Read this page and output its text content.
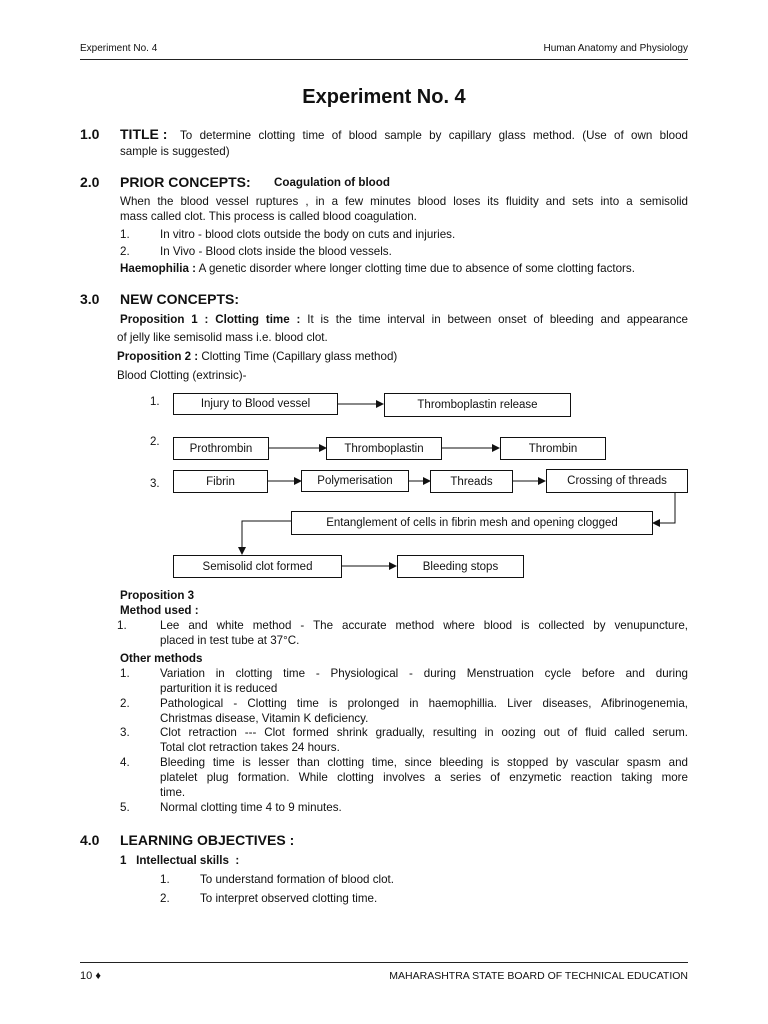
Experiment No. 4	Human Anatomy and Physiology
Experiment No. 4
1.0 TITLE : To determine clotting time of blood sample by capillary glass method. (Use of own blood
sample is suggested)
2.0 PRIOR CONCEPTS: Coagulation of blood
When the blood vessel ruptures , in a few minutes blood loses its fluidity and sets into a semisolid
mass called clot. This process is called blood coagulation.
1.	In vitro - blood clots outside the body on cuts and injuries.
2.	In Vivo - Blood clots inside the blood vessels.
Haemophilia : A genetic disorder where longer clotting time due to absence of some clotting factors.
3.0 NEW CONCEPTS:
Proposition 1 : Clotting time : It is the time interval in between onset of bleeding and appearance
of jelly like semisolid mass i.e. blood clot.
Proposition 2 : Clotting Time (Capillary glass method)
Blood Clotting (extrinsic)-
1.
2.
3.
Injury to Blood vessel	Thromboplastin release
Prothrombin	Thromboplastin	Thrombin
Fibrin	Polymerisation	Threads	Crossing of threads
Entanglement of cells in fibrin mesh and opening clogged
Semisolid clot formed	Bleeding stops
Proposition 3
Method used :
1.	Lee and white method - The accurate method where blood is collected by venupuncture,
placed in test tube at 37°C.
Other methods
1.	Variation in clotting time - Physiological - during Menstruation cycle before and during
parturition it is reduced
2.	Pathological - Clotting time is prolonged in haemophillia. Liver diseases, Afibrinogenemia,
Christmas disease, Vitamin K deficiency.
3.	Clot retraction --- Clot formed shrink gradually, resulting in oozing out of fluid called serum.
Total clot retraction takes 24 hours.
4.	Bleeding time is lesser than clotting time, since bleeding is stopped by vascular spasm and
platelet plug formation. While clotting involves a series of enzymetic reaction taking more
time.
5.	Normal clotting time 4 to 9 minutes.
4.0 LEARNING OBJECTIVES :
1   Intellectual skills  :
1.	To understand formation of blood clot.
2.	To interpret observed clotting time.
10 ♦	MAHARASHTRA STATE BOARD OF TECHNICAL EDUCATION
